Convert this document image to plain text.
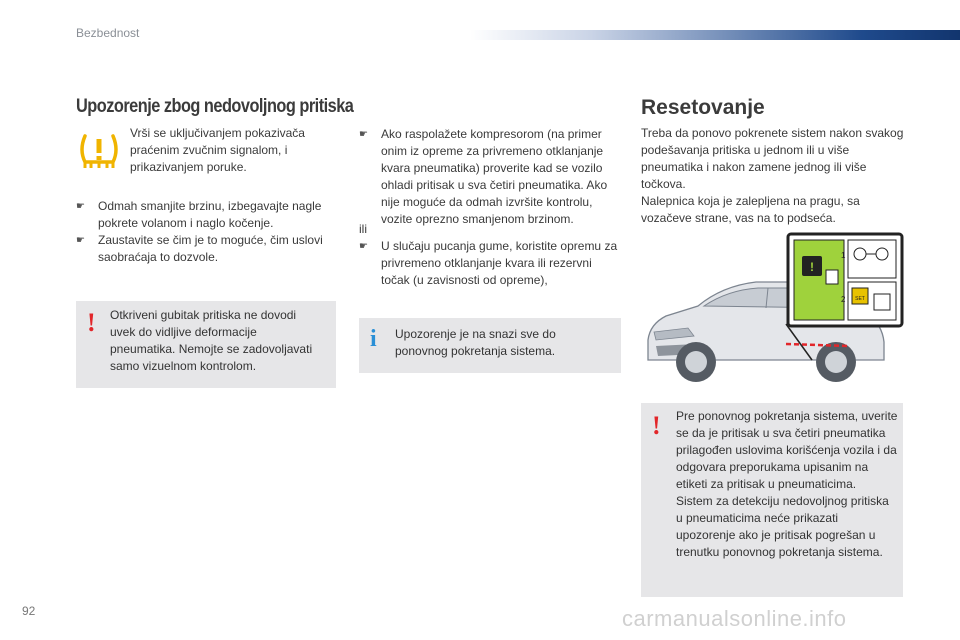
Bezbednost
Upozorenje zbog nedovoljnog pritiska
Vrši se uključivanjem pokazivača praćenim zvučnim signalom, i prikazivanjem poruke.
☛ Odmah smanjite brzinu, izbegavajte nagle pokrete volanom i naglo kočenje.
☛ Zaustavite se čim je to moguće, čim uslovi saobraćaja to dozvole.
! Otkriveni gubitak pritiska ne dovodi uvek do vidljive deformacije pneumatika. Nemojte se zadovoljavati samo vizuelnom kontrolom.
☛ Ako raspolažete kompresorom (na primer onim iz opreme za privremeno otklanjanje kvara pneumatika) proverite kad se vozilo ohladi pritisak u sva četiri pneumatika. Ako nije moguće da odmah izvršite kontrolu, vozite oprezno smanjenom brzinom.
ili
☛ U slučaju pucanja gume, koristite opremu za privremeno otklanjanje kvara ili rezervni točak (u zavisnosti od opreme),
i Upozorenje je na snazi sve do ponovnog pokretanja sistema.
Resetovanje
Treba da ponovo pokrenete sistem nakon svakog podešavanja pritiska u jednom ili u više pneumatika i nakon zamene jednog ili više točkova.
Nalepnica koja je zalepljena na pragu, sa vozačeve strane, vas na to podseća.
!
1
2 SET
! Pre ponovnog pokretanja sistema, uverite se da je pritisak u sva četiri pneumatika prilagođen uslovima korišćenja vozila i da odgovara preporukama upisanim na etiketi za pritisak u pneumaticima.
Sistem za detekciju nedovoljnog pritiska u pneumaticima neće prikazati upozorenje ako je pritisak pogrešan u trenutku ponovnog pokretanja sistema.
92	carmanualsonline.info
